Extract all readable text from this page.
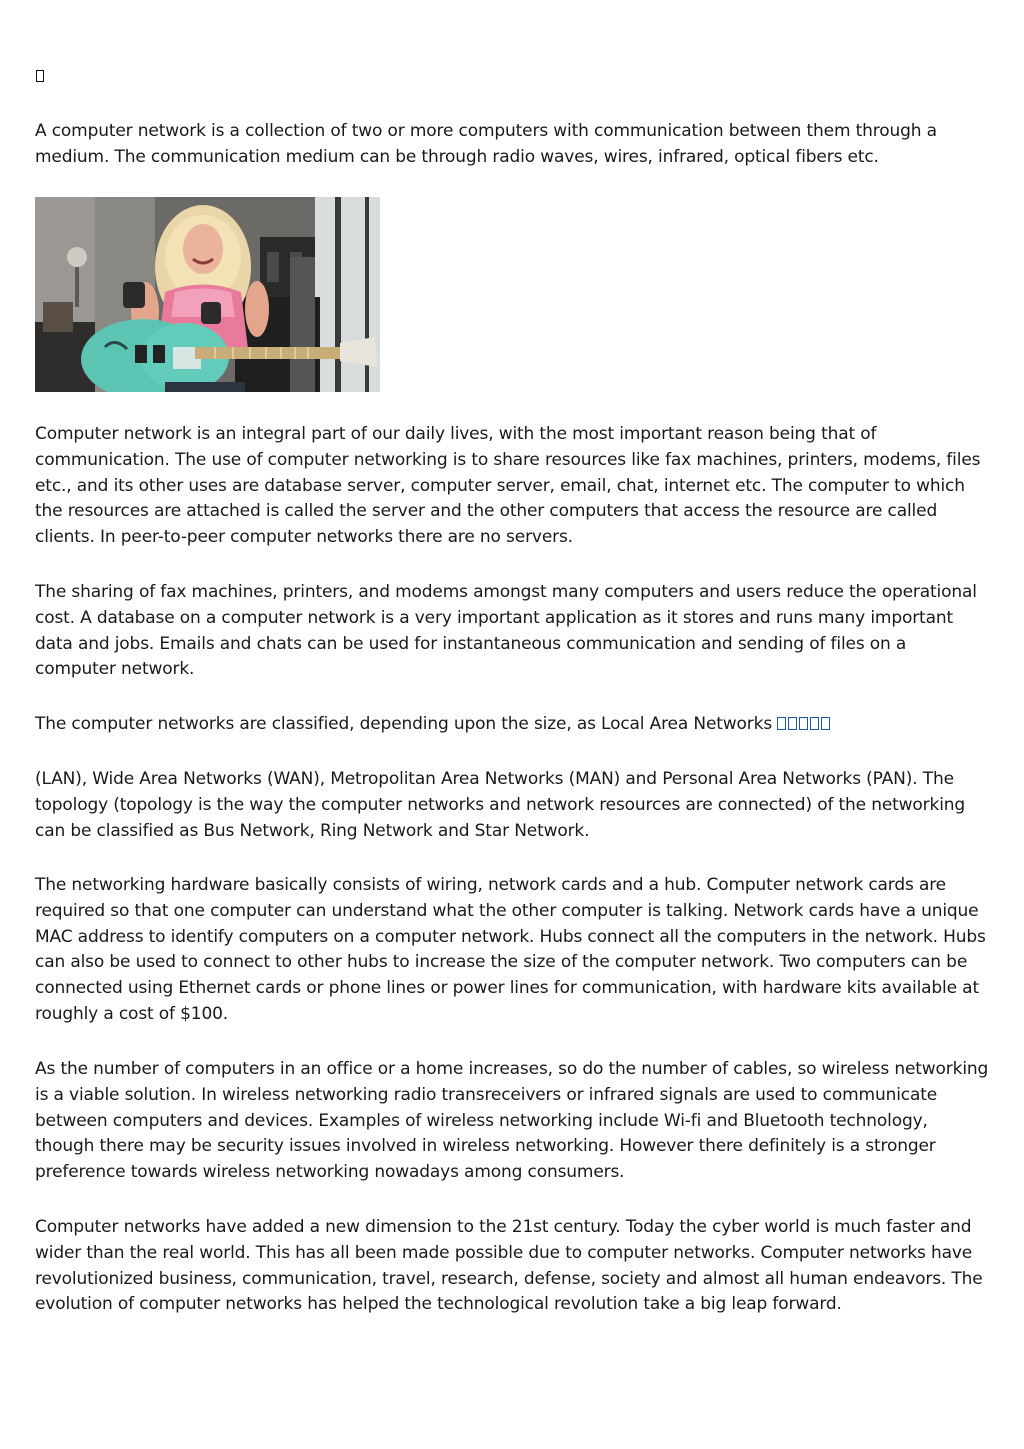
A computer network is a collection of two or more computers with communication between them through a medium. The communication medium can be through radio waves, wires, infrared, optical fibers etc.

Computer network is an integral part of our daily lives, with the most important reason being that of communication. The use of computer networking is to share resources like fax machines, printers, modems, files etc., and its other uses are database server, computer server, email, chat, internet etc. The computer to which the resources are attached is called the server and the other computers that access the resource are called clients. In peer-to-peer computer networks there are no servers.

The sharing of fax machines, printers, and modems amongst many computers and users reduce the operational cost. A database on a computer network is a very important application as it stores and runs many important data and jobs. Emails and chats can be used for instantaneous communication and sending of files on a computer network.

The computer networks are classified, depending upon the size, as Local Area Networks

(LAN), Wide Area Networks (WAN), Metropolitan Area Networks (MAN) and Personal Area Networks (PAN). The topology (topology is the way the computer networks and network resources are connected) of the networking can be classified as Bus Network, Ring Network and Star Network.

The networking hardware basically consists of wiring, network cards and a hub. Computer network cards are required so that one computer can understand what the other computer is talking. Network cards have a unique MAC address to identify computers on a computer network. Hubs connect all the computers in the network. Hubs can also be used to connect to other hubs to increase the size of the computer network. Two computers can be connected using Ethernet cards or phone lines or power lines for communication, with hardware kits available at roughly a cost of $100.

As the number of computers in an office or a home increases, so do the number of cables, so wireless networking is a viable solution. In wireless networking radio transreceivers or infrared signals are used to communicate between computers and devices. Examples of wireless networking include Wi-fi and Bluetooth technology, though there may be security issues involved in wireless networking. However there definitely is a stronger preference towards wireless networking nowadays among consumers.

Computer networks have added a new dimension to the 21st century. Today the cyber world is much faster and wider than the real world. This has all been made possible due to computer networks. Computer networks have revolutionized business, communication, travel, research, defense, society and almost all human endeavors. The evolution of computer networks has helped the technological revolution take a big leap forward.
